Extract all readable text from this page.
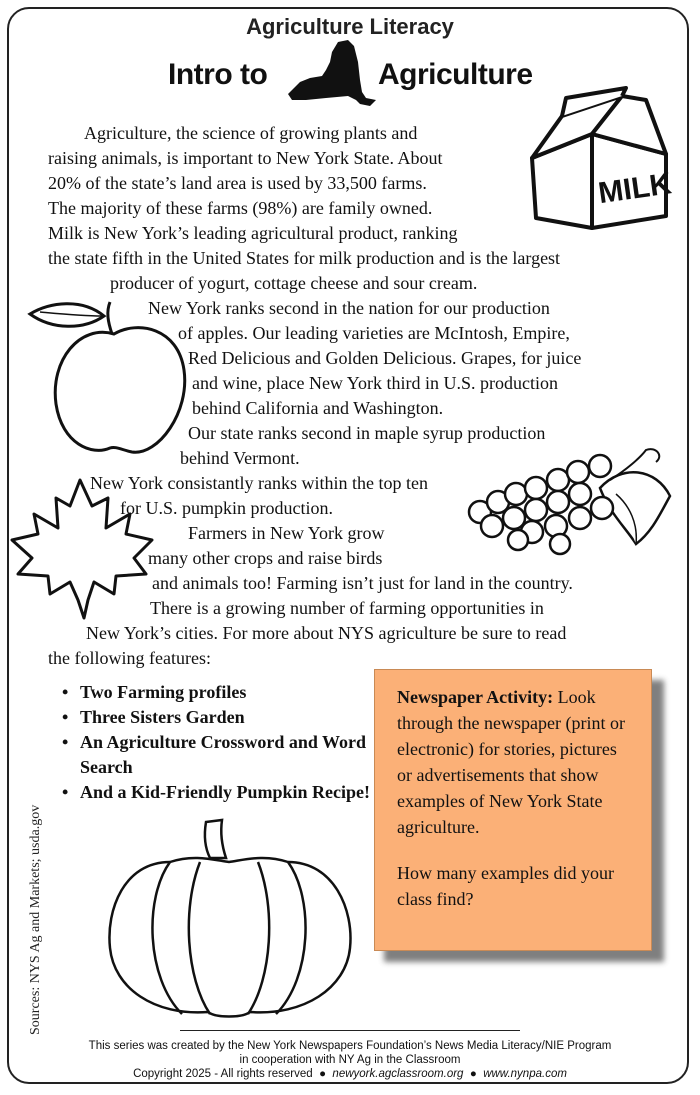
Agriculture Literacy
Intro to	Agriculture
MILK
Agriculture, the science of growing plants and
raising animals, is important to New York State. About
20% of the state’s land area is used by 33,500 farms.
The majority of these farms (98%) are family owned.
Milk is New York’s leading agricultural product, ranking
the state fifth in the United States for milk production and is the largest
producer of yogurt, cottage cheese and sour cream.
New York ranks second in the nation for our production
of apples. Our leading varieties are McIntosh, Empire,
Red Delicious and Golden Delicious. Grapes, for juice
and wine, place New York third in U.S. production
behind California and Washington.
Our state ranks second in maple syrup production
behind Vermont.
New York consistantly ranks within the top ten
for U.S. pumpkin production.
Farmers in New York grow
many other crops and raise birds
and animals too! Farming isn’t just for land in the country.
There is a growing number of farming opportunities in
New York’s cities. For more about NYS agriculture be sure to read
the following features:
• Two Farming profiles
• Three Sisters Garden
• An Agriculture Crossword and Word Search
• And a Kid-Friendly Pumpkin Recipe!

Newspaper Activity: Look through the newspaper (print or electronic) for stories, pictures or advertisements that show examples of New York State agriculture.

How many examples did your class find?

Sources: NYS Ag and Markets; usda.gov
This series was created by the New York Newspapers Foundation’s News Media Literacy/NIE Program
in cooperation with NY Ag in the Classroom
Copyright 2025 - All rights reserved  ●  newyork.agclassroom.org  ●  www.nynpa.com
